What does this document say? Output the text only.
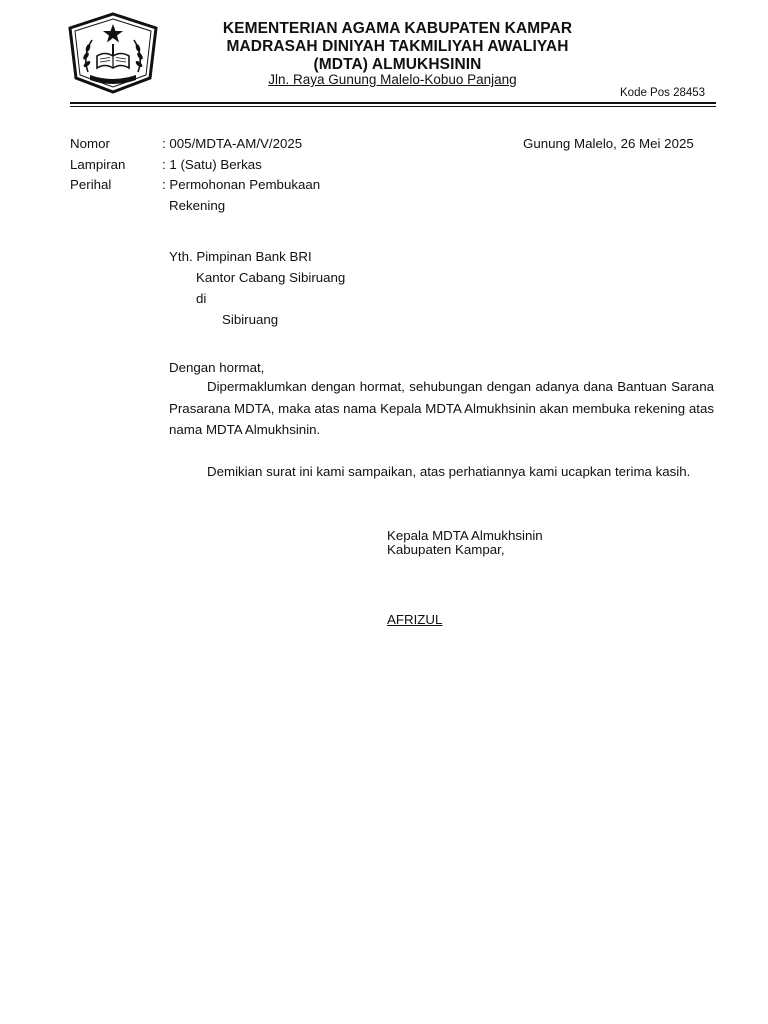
KEMENTERIAN AGAMA KABUPATEN KAMPAR
MADRASAH DINIYAH TAKMILIYAH AWALIYAH
(MDTA) ALMUKHSININ
Jln. Raya Gunung Malelo-Kobuo Panjang
Kode Pos 28453
Nomor	: 005/MDTA-AM/V/2025	Gunung Malelo, 26 Mei 2025
Lampiran	: 1 (Satu) Berkas
Perihal	: Permohonan Pembukaan
Rekening
Yth. Pimpinan Bank BRI
Kantor Cabang Sibiruang
di
Sibiruang
Dengan hormat,
Dipermaklumkan dengan hormat, sehubungan dengan adanya dana Bantuan Sarana Prasarana MDTA, maka atas nama Kepala MDTA Almukhsinin akan membuka rekening atas nama MDTA Almukhsinin.
Demikian surat ini kami sampaikan, atas perhatiannya kami ucapkan terima kasih.
Kepala MDTA Almukhsinin
Kabupaten Kampar,
AFRIZUL
